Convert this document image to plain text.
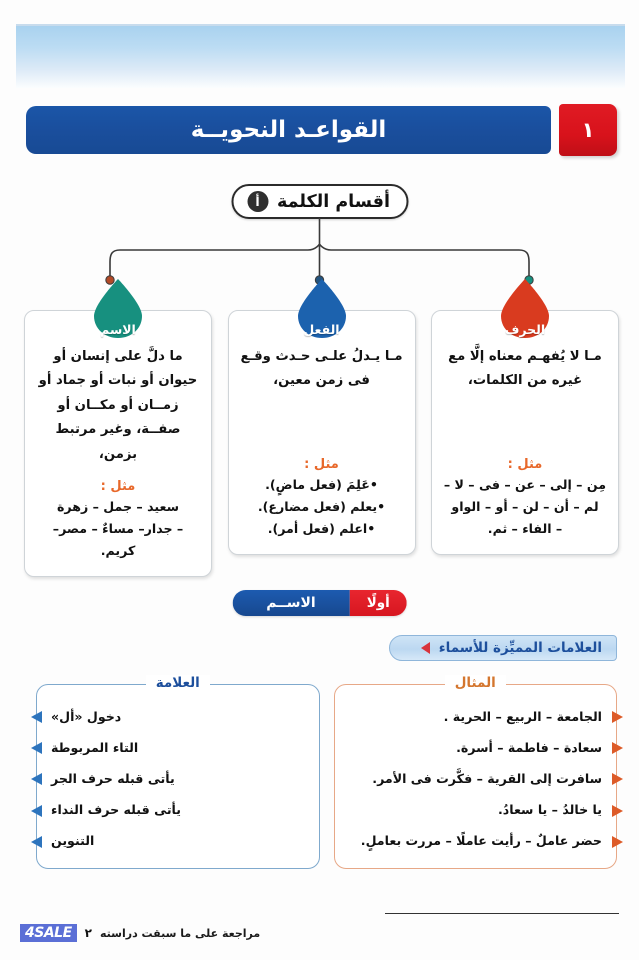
القواعـد النحويــة	١
أقسام الكلمة
أ
الحرف
مـا لا يُفهـم معناه إلَّا مع غيره من الكلمات،
مثل :
مِن – إلى – عن – فى – لا –
لم – أن – لن – أو – الواو
– الفاء – ثم.
الفعل
مـا يـدلُ علـى حـدث وقـع فى زمن معين،
مثل :
•عَلِمَ (فعل ماضٍ).
•يعلم (فعل مضارع).
•اعلم (فعل أمر).
الاسم
ما دلَّ على إنسان أو حيوان أو نبات أو جماد أو زمــان أو مكــان أو صفــة، وغير مرتبط بزمن،
مثل :
سعيد – جمل – زهرة
– جدار– مساءٌ – مصر–
كريم.
أولًا
الاســم
العلامات المميِّزة للأسماء
المثال
الجامعة – الربيع – الحرية .
سعادة – فاطمة – أسرة.
سافرت إلى القرية – فكَّرت فى الأمر.
يا خالدُ – يا سعادُ.
حضر عاملٌ – رأيت عاملًا – مررت بعاملٍ.
العلامة
دخول «أل»
التاء المربوطة
يأتى قبله حرف الجر
يأتى قبله حرف النداء
التنوين
مراجعة على ما سبقت دراسته
٢
4SALE
